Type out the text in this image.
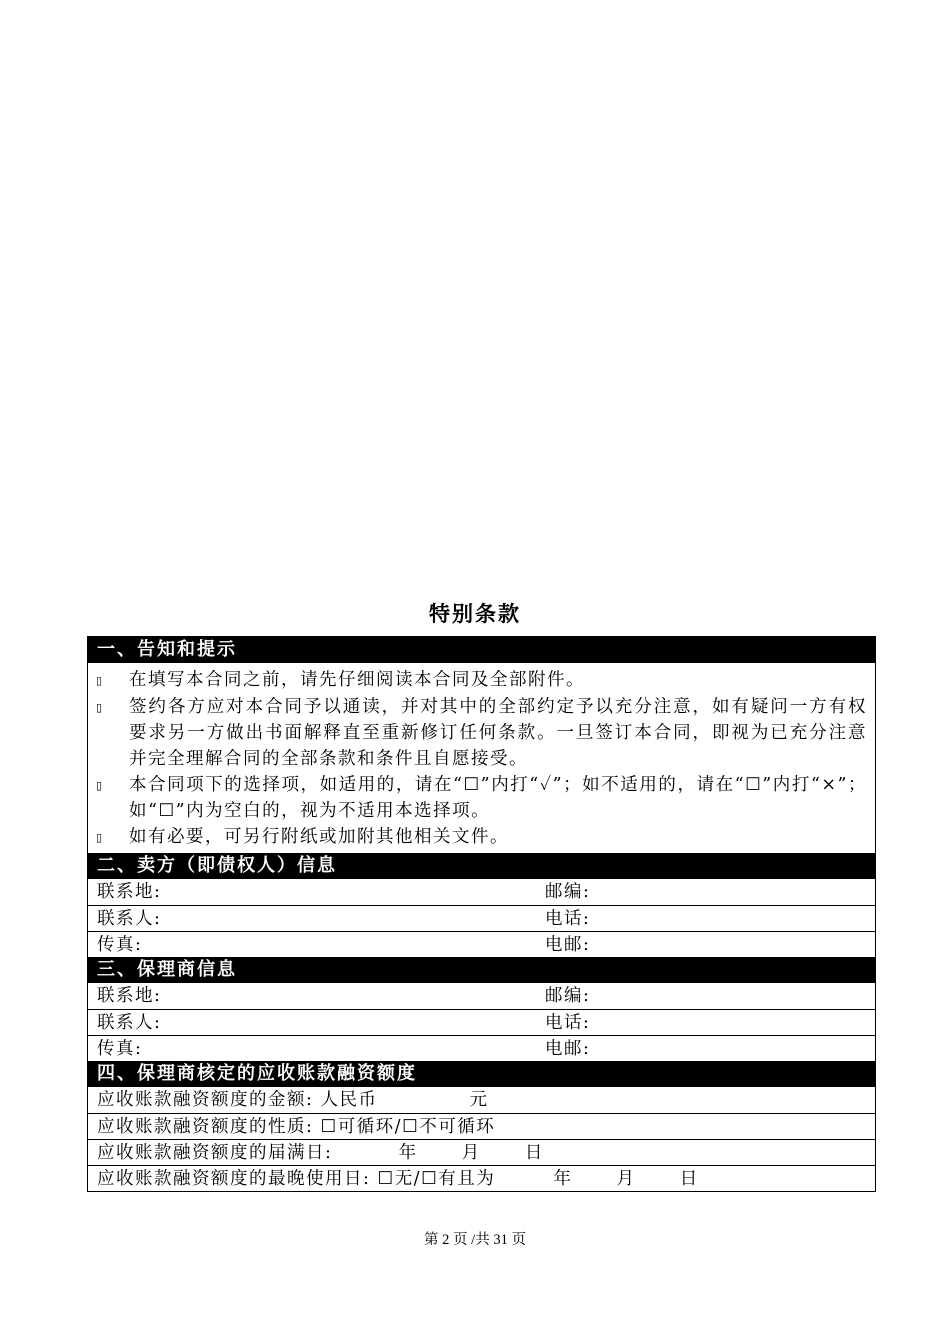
特别条款
一、告知和提示
▯	在填写本合同之前，请先仔细阅读本合同及全部附件。
▯	签约各方应对本合同予以通读，并对其中的全部约定予以充分注意，如有疑问一方有权要求另一方做出书面解释直至重新修订任何条款。一旦签订本合同，即视为已充分注意并完全理解合同的全部条款和条件且自愿接受。
▯	本合同项下的选择项，如适用的，请在“☐”内打“✓”；如不适用的，请在“☐”内打“×”；如“☐”内为空白的，视为不适用本选择项。
▯	如有必要，可另行附纸或加附其他相关文件。
二、卖方（即债权人）信息
联系地:	邮编:
联系人:	电话:
传真:	电邮:
三、保理商信息
联系地:	邮编:
联系人:	电话:
传真:	电邮:
四、保理商核定的应收账款融资额度
应收账款融资额度的金额: 人民币	元
应收账款融资额度的性质: ☐可循环/☐不可循环
应收账款融资额度的届满日:	年	月	日
应收账款融资额度的最晚使用日: ☐无/☐有且为	年	月	日
第 2 页 /共 31 页
